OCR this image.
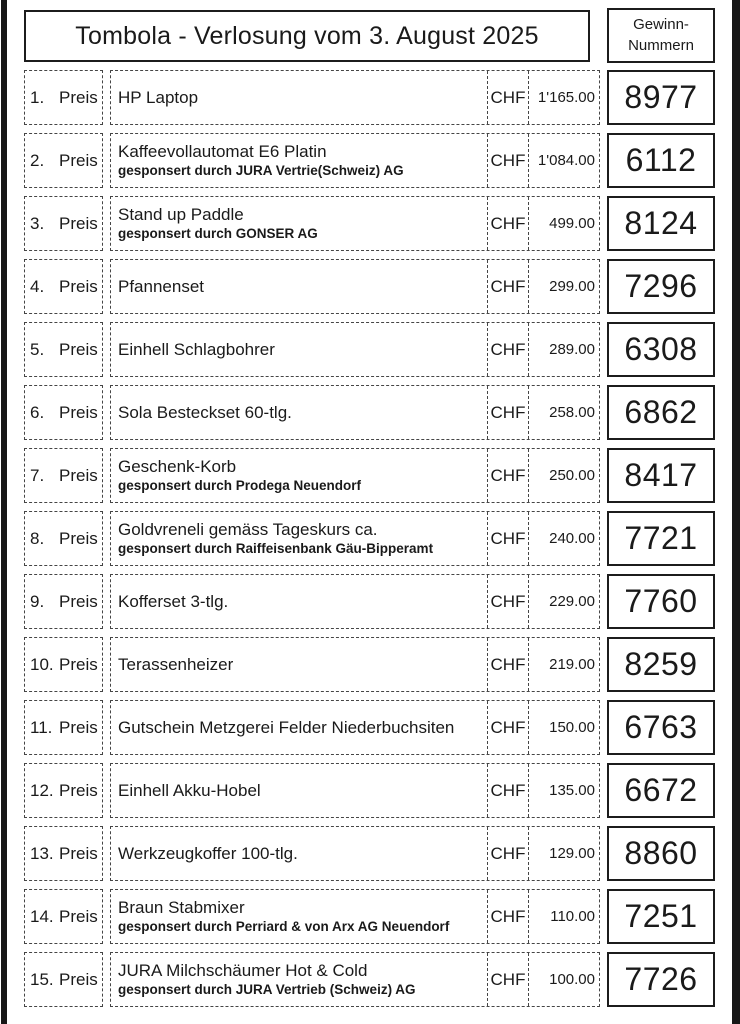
Tombola - Verlosung vom 3. August 2025	Gewinn-
Nummern
1. Preis HP Laptop	CHF 1'165.00 8977
2. Preis Kaffeevollautomat E6 Platin
gesponsert durch JURA Vertrie(Schweiz) AG
CHF 1'084.00 6112
3. Preis Stand up Paddle
gesponsert durch GONSER AG
CHF 499.00 8124
4. Preis Pfannenset	CHF 299.00 7296
5. Preis Einhell Schlagbohrer	CHF 289.00 6308
6. Preis Sola Besteckset 60-tlg.	CHF 258.00 6862
7. Preis Geschenk-Korb
gesponsert durch Prodega Neuendorf
CHF 250.00 8417
8. Preis Goldvreneli gemäss Tageskurs ca.
gesponsert durch Raiffeisenbank Gäu-Bipperamt
CHF 240.00 7721
9. Preis Kofferset 3-tlg.	CHF 229.00 7760
10. Preis Terassenheizer	CHF 219.00 8259
11. Preis Gutschein Metzgerei Felder Niederbuchsiten	CHF 150.00 6763
12. Preis Einhell Akku-Hobel	CHF 135.00 6672
13. Preis Werkzeugkoffer 100-tlg.	CHF 129.00 8860
14. Preis Braun Stabmixer
gesponsert durch Perriard & von Arx AG Neuendorf
CHF 110.00 7251
15. Preis JURA Milchschäumer Hot & Cold
gesponsert durch JURA Vertrieb (Schweiz) AG
CHF 100.00 7726
